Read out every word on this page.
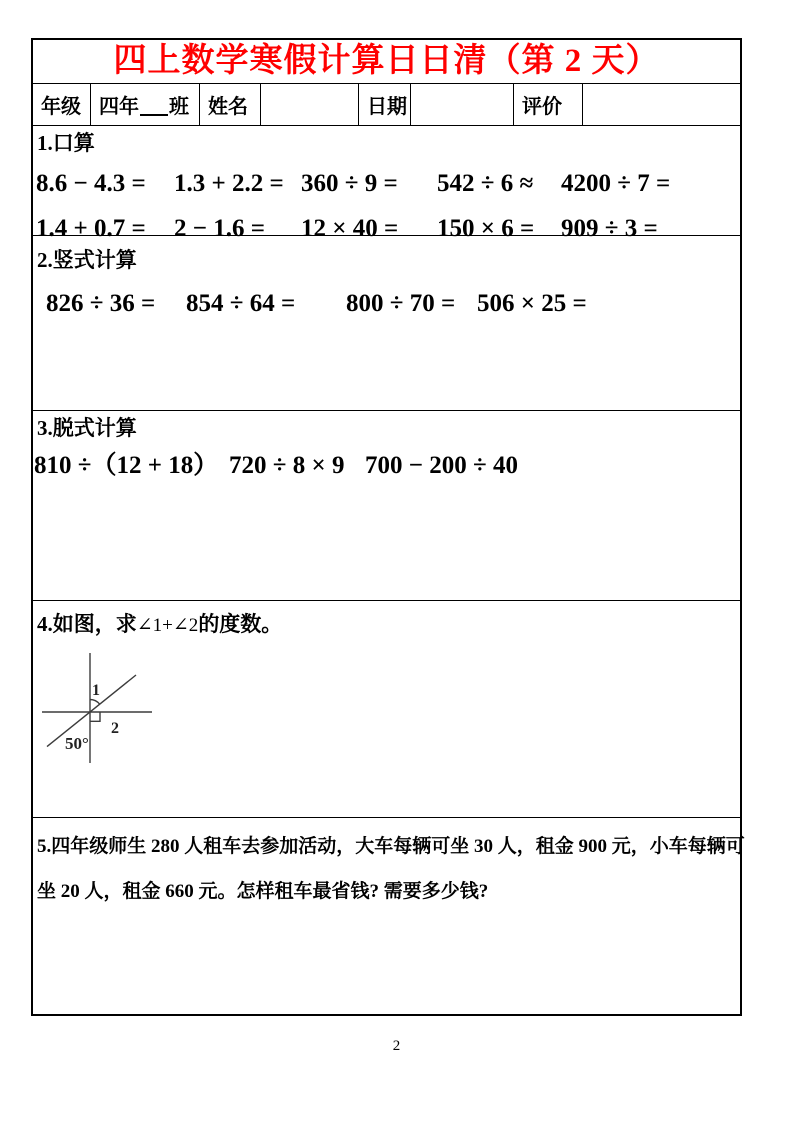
四上数学寒假计算日日清（第 2 天）
年级 四年 班 姓名	日期	评价
1.口算
8.6 − 4.3 =	1.3 + 2.2 = 360 ÷ 9 =	542 ÷ 6 ≈	4200 ÷ 7 =
1.4 + 0.7 =	2 − 1.6 =	12 × 40 =	150 × 6 =	909 ÷ 3 =
2.竖式计算
826 ÷ 36 =	854 ÷ 64 =	800 ÷ 70 = 506 × 25 =
3.脱式计算
810 ÷（12 + 18） 720 ÷ 8 × 9 700 − 200 ÷ 40
4.如图，求∠1+∠2的度数。
1
2
50°
5.四年级师生 280 人租车去参加活动，大车每辆可坐 30 人，租金 900 元，小车每辆可
坐 20 人，租金 660 元。怎样租车最省钱? 需要多少钱?
2
